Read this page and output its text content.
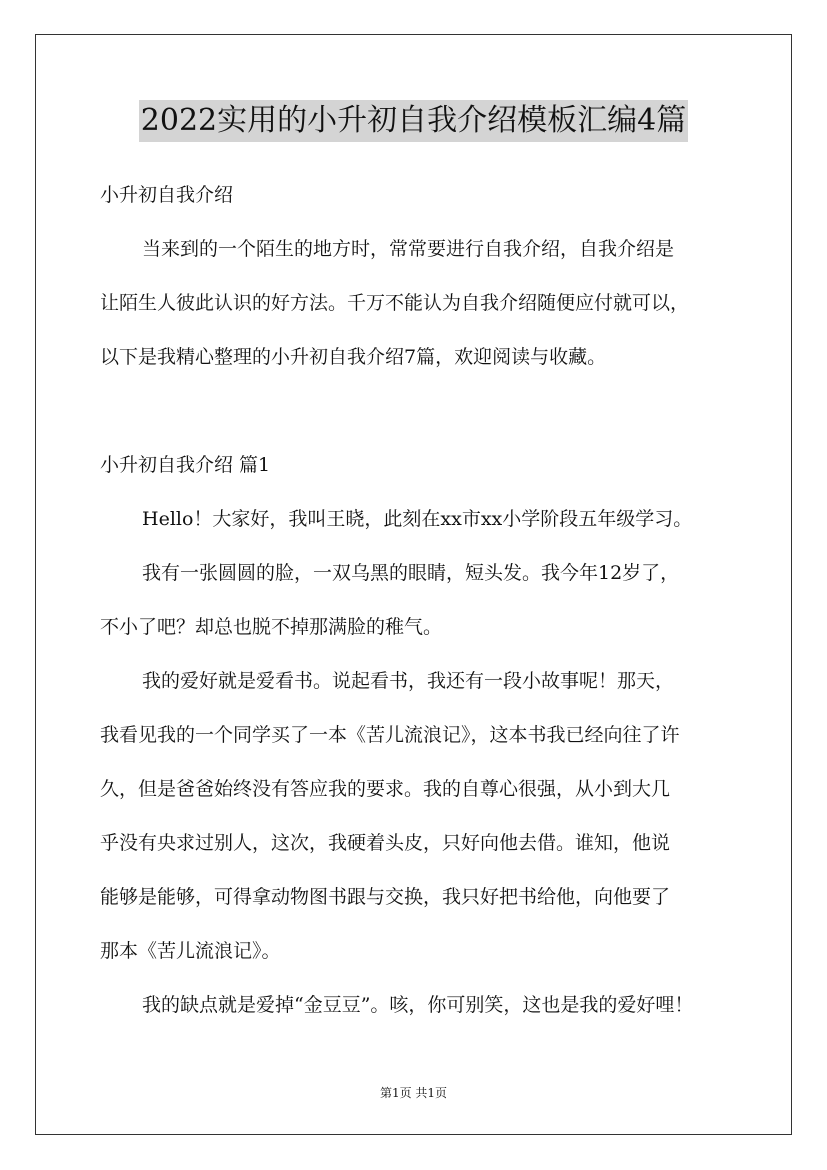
2022实用的小升初自我介绍模板汇编4篇
小升初自我介绍
当来到的一个陌生的地方时，常常要进行自我介绍，自我介绍是
让陌生人彼此认识的好方法。千万不能认为自我介绍随便应付就可以，
以下是我精心整理的小升初自我介绍7篇，欢迎阅读与收藏。
小升初自我介绍 篇1
Hello！大家好，我叫王晓，此刻在xx市xx小学阶段五年级学习。
我有一张圆圆的脸，一双乌黑的眼睛，短头发。我今年12岁了，
不小了吧？却总也脱不掉那满脸的稚气。
我的爱好就是爱看书。说起看书，我还有一段小故事呢！那天，
我看见我的一个同学买了一本《苦儿流浪记》，这本书我已经向往了许
久，但是爸爸始终没有答应我的要求。我的自尊心很强，从小到大几
乎没有央求过别人，这次，我硬着头皮，只好向他去借。谁知，他说
能够是能够，可得拿动物图书跟与交换，我只好把书给他，向他要了
那本《苦儿流浪记》。
我的缺点就是爱掉“金豆豆”。咳，你可别笑，这也是我的爱好哩！
第1页 共1页
